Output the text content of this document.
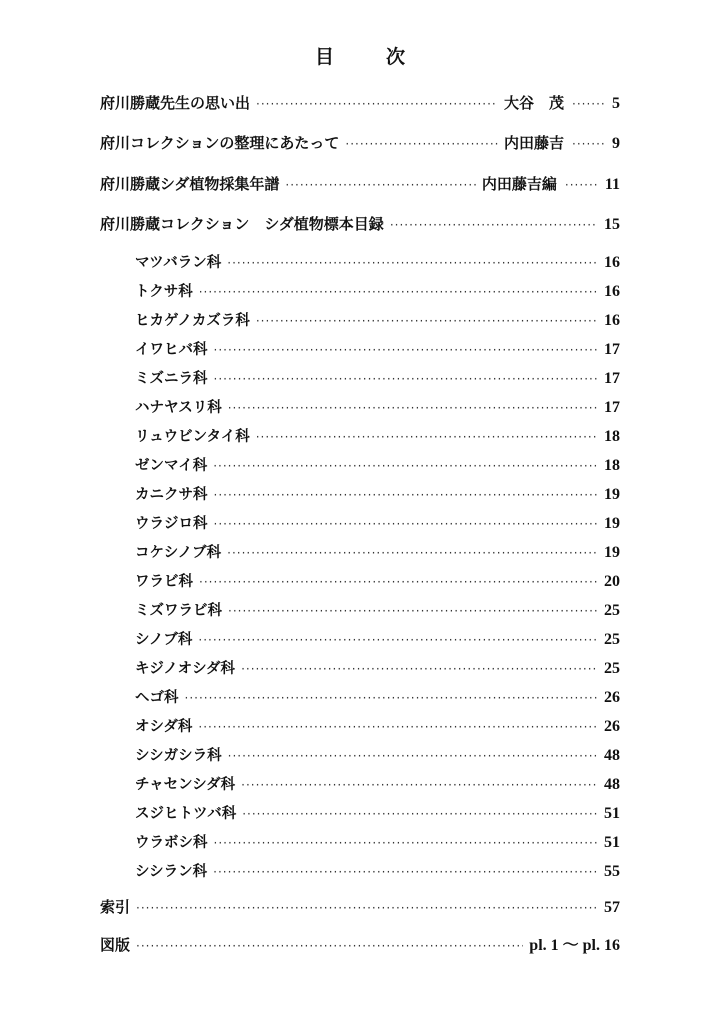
目	次
府川勝蔵先生の思い出 ·····	大谷　茂 ·····	5
府川コレクションの整理にあたって ·····	内田藤吉 ·····	9
府川勝蔵シダ植物採集年譜 ·····	内田藤吉編 ·····	11
府川勝蔵コレクション　シダ植物標本目録 ·····	15
マツバラン科 ·····	16
トクサ科 ·····	16
ヒカゲノカズラ科 ·····	16
イワヒバ科 ·····	17
ミズニラ科 ·····	17
ハナヤスリ科 ·····	17
リュウビンタイ科 ·····	18
ゼンマイ科 ·····	18
カニクサ科 ·····	19
ウラジロ科 ·····	19
コケシノブ科 ·····	19
ワラビ科 ·····	20
ミズワラビ科 ·····	25
シノブ科 ·····	25
キジノオシダ科 ·····	25
ヘゴ科 ·····	26
オシダ科 ·····	26
シシガシラ科 ·····	48
チャセンシダ科 ·····	48
スジヒトツバ科 ·····	51
ウラボシ科 ·····	51
シシラン科 ·····	55
索引 ·····	57
図版 ·····	pl. 1 ～ pl. 16
